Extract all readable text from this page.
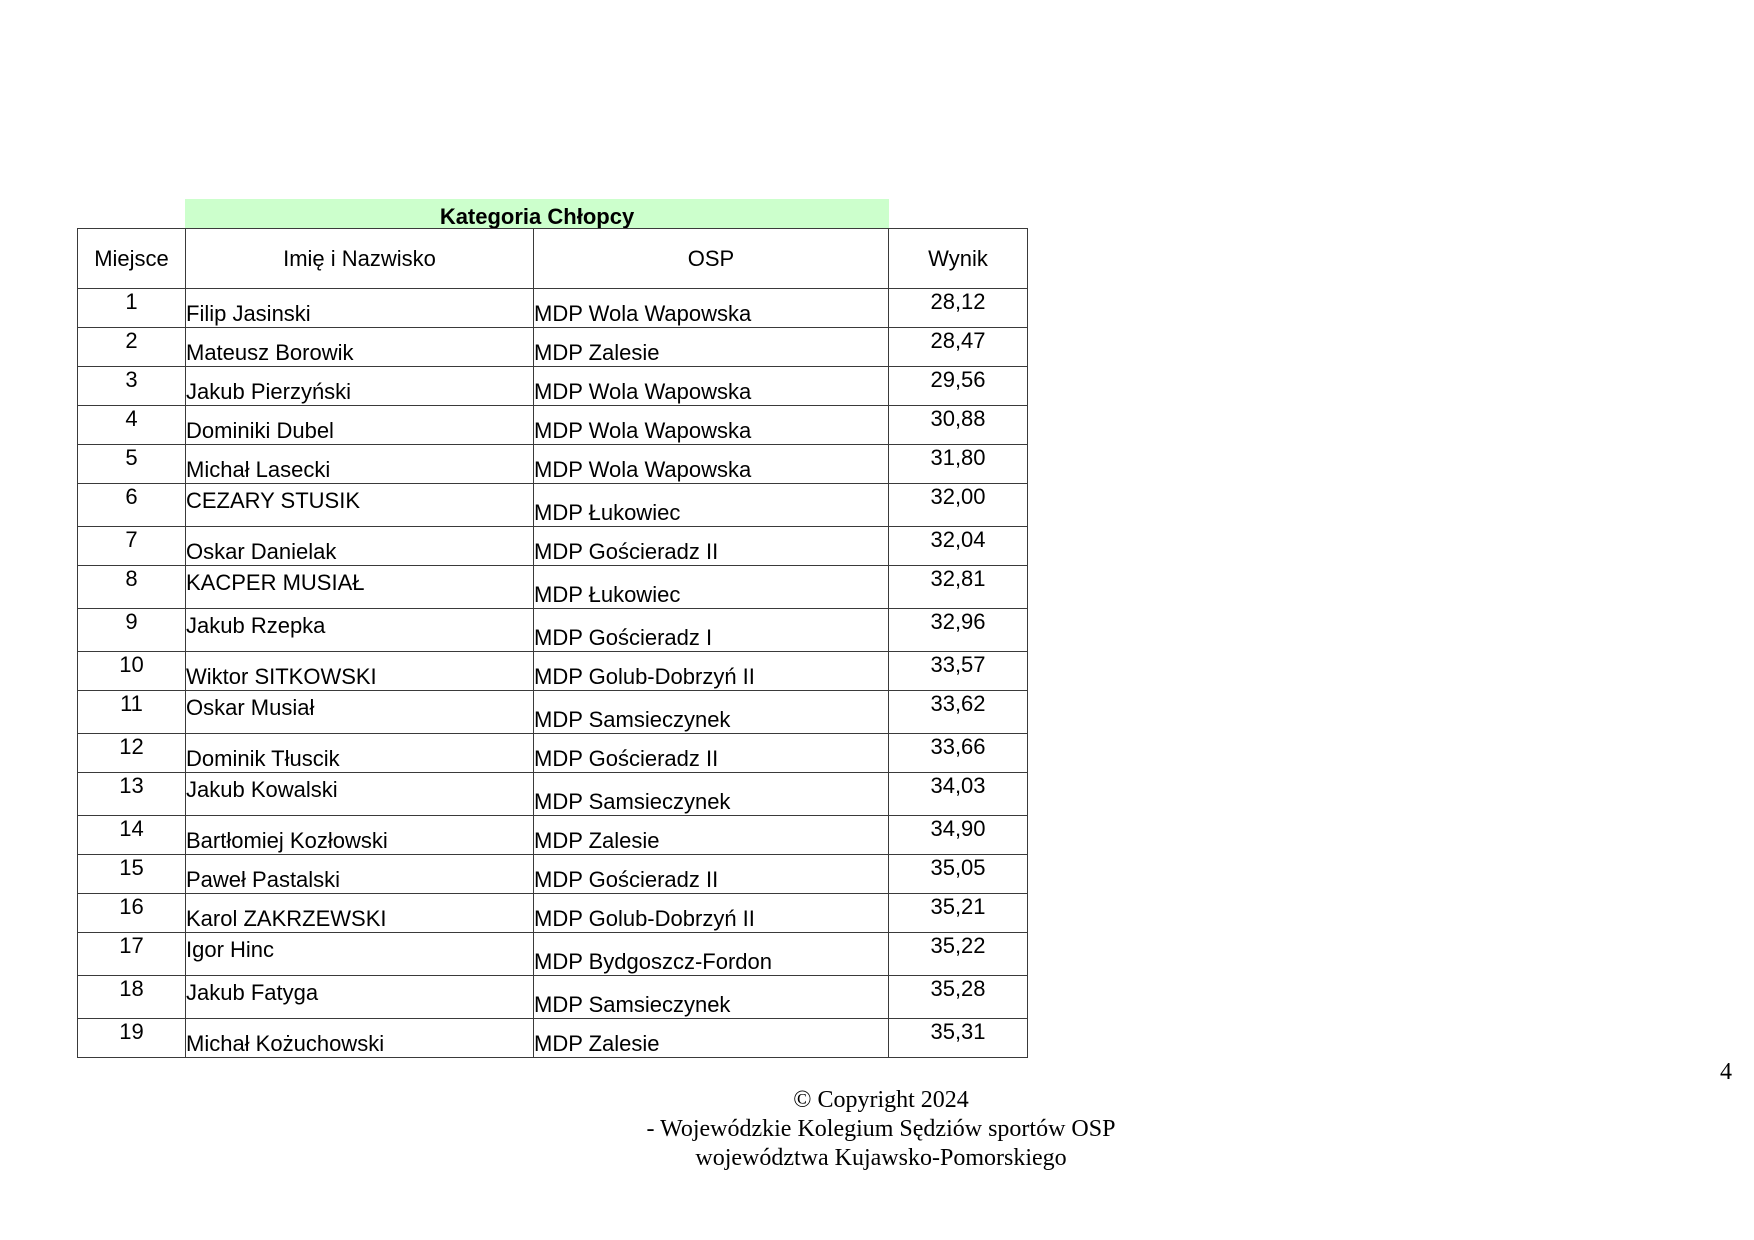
Kategoria Chłopcy
Miejsce	Imię i Nazwisko	OSP	Wynik
1	Filip Jasinski	MDP Wola Wapowska	28,12
2	Mateusz Borowik	MDP Zalesie	28,47
3	Jakub Pierzyński	MDP Wola Wapowska	29,56
4	Dominiki Dubel	MDP Wola Wapowska	30,88
5	Michał Lasecki	MDP Wola Wapowska	31,80
6	CEZARY STUSIK	MDP Łukowiec	32,00
7	Oskar Danielak	MDP Gościeradz II	32,04
8	KACPER MUSIAŁ	MDP Łukowiec	32,81
9	Jakub Rzepka	MDP Gościeradz I	32,96
10	Wiktor SITKOWSKI	MDP Golub-Dobrzyń II	33,57
11	Oskar Musiał	MDP Samsieczynek	33,62
12	Dominik Tłuscik	MDP Gościeradz II	33,66
13	Jakub Kowalski	MDP Samsieczynek	34,03
14	Bartłomiej Kozłowski	MDP Zalesie	34,90
15	Paweł Pastalski	MDP Gościeradz II	35,05
16	Karol ZAKRZEWSKI	MDP Golub-Dobrzyń II	35,21
17	Igor Hinc	MDP Bydgoszcz-Fordon	35,22
18	Jakub Fatyga	MDP Samsieczynek	35,28
19	Michał Kożuchowski	MDP Zalesie	35,31
4
© Copyright 2024
- Wojewódzkie Kolegium Sędziów sportów OSP
województwa Kujawsko-Pomorskiego
